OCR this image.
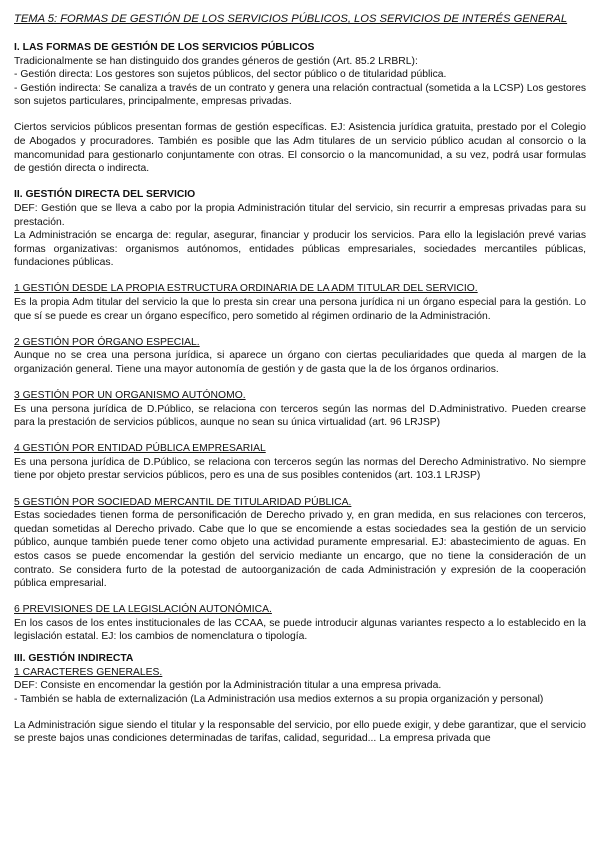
TEMA 5: FORMAS DE GESTIÓN DE LOS SERVICIOS PÚBLICOS, LOS SERVICIOS DE INTERÉS GENERAL
I. LAS FORMAS DE GESTIÓN DE LOS SERVICIOS PÚBLICOS

Tradicionalmente se han distinguido dos grandes géneros de gestión (Art. 85.2 LRBRL):

- Gestión directa: Los gestores son sujetos públicos, del sector público o de titularidad pública.

- Gestión indirecta: Se canaliza a través de un contrato y genera una relación contractual (sometida a la LCSP) Los gestores son sujetos particulares, principalmente, empresas privadas.

Ciertos servicios públicos presentan formas de gestión específicas. EJ: Asistencia jurídica gratuita, prestado por el Colegio de Abogados y procuradores. También es posible que las Adm titulares de un servicio público acudan al consorcio o la mancomunidad para gestionarlo conjuntamente con otras. El consorcio o la mancomunidad, a su vez, podrá usar formulas de gestión directa o indirecta.

II. GESTIÓN DIRECTA DEL SERVICIO

DEF: Gestión que se lleva a cabo por la propia Administración titular del servicio, sin recurrir a empresas privadas para su prestación.

La Administración se encarga de: regular, asegurar, financiar y producir los servicios. Para ello la legislación prevé varias formas organizativas: organismos autónomos, entidades públicas empresariales, sociedades mercantiles públicas, fundaciones públicas.

1 GESTIÓN DESDE LA PROPIA ESTRUCTURA ORDINARIA DE LA ADM TITULAR DEL SERVICIO.

Es la propia Adm titular del servicio la que lo presta sin crear una persona jurídica ni un órgano especial para la gestión. Lo que sí se puede es crear un órgano específico, pero sometido al régimen ordinario de la Administración.

2 GESTIÓN POR ÓRGANO ESPECIAL.

Aunque no se crea una persona jurídica, si aparece un órgano con ciertas peculiaridades que queda al margen de la organización general. Tiene una mayor autonomía de gestión y de gasta que la de los órganos ordinarios.

3 GESTIÓN POR UN ORGANISMO AUTÓNOMO.

Es una persona jurídica de D.Público, se relaciona con terceros según las normas del D.Administrativo. Pueden crearse para la prestación de servicios públicos, aunque no sean su única virtualidad (art. 96 LRJSP)

4 GESTIÓN POR ENTIDAD PÚBLICA EMPRESARIAL

Es una persona jurídica de D.Público, se relaciona con terceros según las normas del Derecho Administrativo. No siempre tiene por objeto prestar servicios públicos, pero es una de sus posibles contenidos (art. 103.1 LRJSP)

5 GESTIÓN POR SOCIEDAD MERCANTIL DE TITULARIDAD PÚBLICA.

Estas sociedades tienen forma de personificación de Derecho privado y, en gran medida, en sus relaciones con terceros, quedan sometidas al Derecho privado. Cabe que lo que se encomiende a estas sociedades sea la gestión de un servicio público, aunque también puede tener como objeto una actividad puramente empresarial. EJ: abastecimiento de aguas. En estos casos se puede encomendar la gestión del servicio mediante un encargo, que no tiene la consideración de un contrato. Se considera furto de la potestad de autoorganización de cada Administración y expresión de la cooperación pública empresarial.

6 PREVISIONES DE LA LEGISLACIÓN AUTONÓMICA.

En los casos de los entes institucionales de las CCAA, se puede introducir algunas variantes respecto a lo establecido en la legislación estatal. EJ: los cambios de nomenclatura o tipología.

III. GESTIÓN INDIRECTA
1 CARACTERES GENERALES.

DEF: Consiste en encomendar la gestión por la Administración titular a una empresa privada.

- También se habla de externalización (La Administración usa medios externos a su propia organización y personal)

La Administración sigue siendo el titular y la responsable del servicio, por ello puede exigir, y debe garantizar, que el servicio se preste bajos unas condiciones determinadas de tarifas, calidad, seguridad... La empresa privada que
